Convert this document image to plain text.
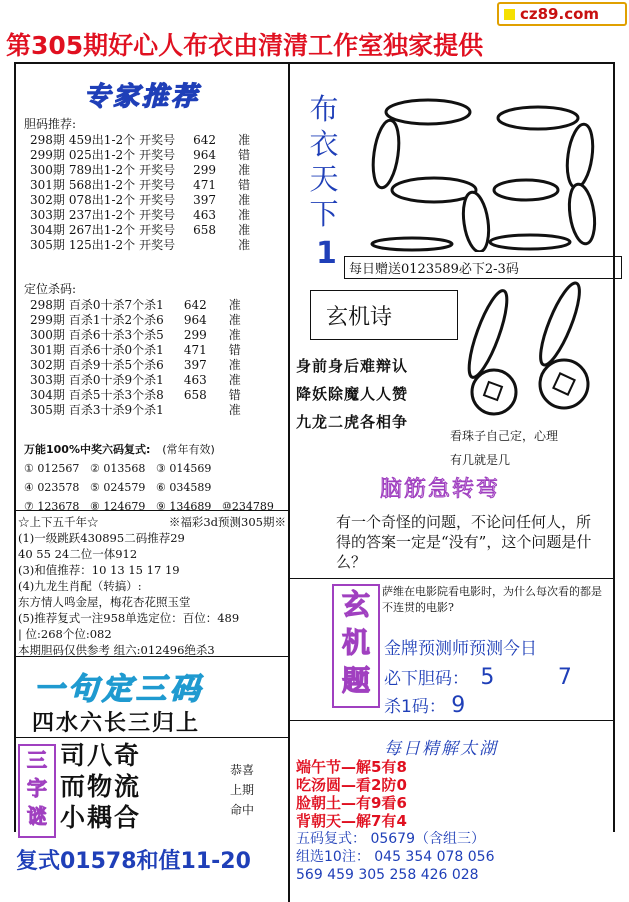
cz89.com
第305期好心人布衣由清清工作室独家提供
专家推荐
胆码推荐:
298期	459出1-2个	开奖号	642	准
299期	025出1-2个	开奖号	964	错
300期	789出1-2个	开奖号	299	准
301期	568出1-2个	开奖号	471	错
302期	078出1-2个	开奖号	397	准
303期	237出1-2个	开奖号	463	准
304期	267出1-2个	开奖号	658	准
305期	125出1-2个	开奖号		准
定位杀码:
298期	百杀0十杀7个杀1	642	准
299期	百杀1十杀2个杀6	964	准
300期	百杀6十杀3个杀5	299	准
301期	百杀6十杀0个杀1	471	错
302期	百杀9十杀5个杀6	397	准
303期	百杀0十杀9个杀1	463	准
304期	百杀5十杀3个杀8	658	错
305期	百杀3十杀9个杀1		准
万能100%中奖六码复式: (常年有效)
① 012567 ② 013568 ③ 014569
④ 023578 ⑤ 024579 ⑥ 034589
⑦ 123678 ⑧ 124679 ⑨ 134689 ⑩234789
☆上下五千年☆	※福彩3d预测305期※
(1)一级跳跃430895二码推荐29
40 55 24二位一体912
(3)和值推荐：10 13 15 17 19
(4)九龙生肖配（转搞）:
东方情人鸣金屋，梅花杏花照玉堂
(5)推荐复式一注958单选定位：百位：489
| 位:268个位:082
本期胆码仅供参考 组六:012496绝杀3
一句定三码
四水六长三归上
三
字
谜
司八奇
而物流
小耦合
恭喜
上期
命中
复式01578和值11-20
布
衣
天
下
1 每日赠送0123589必下2-3码
玄机诗
身前身后难辩认
降妖除魔人人赞
九龙二虎各相争
看珠子自己定，心理
有几就是几
脑筋急转弯
有一个奇怪的问题，不论问任何人，所得的答案一定是“没有”，这个问题是什么？
玄
机
题
萨维在电影院看电影时，为什么每次看的都是不连贯的电影?
金牌预测师预测今日
必下胆码： 5	7
杀1码： 9
每日精解太湖
端午节—解5有8
吃汤圆—看2防0
脸朝土—有9看6
背朝天—解7有4
五码复式： 05679（含组三）
组选10注： 045 354 078 056
569 459 305 258 426 028
